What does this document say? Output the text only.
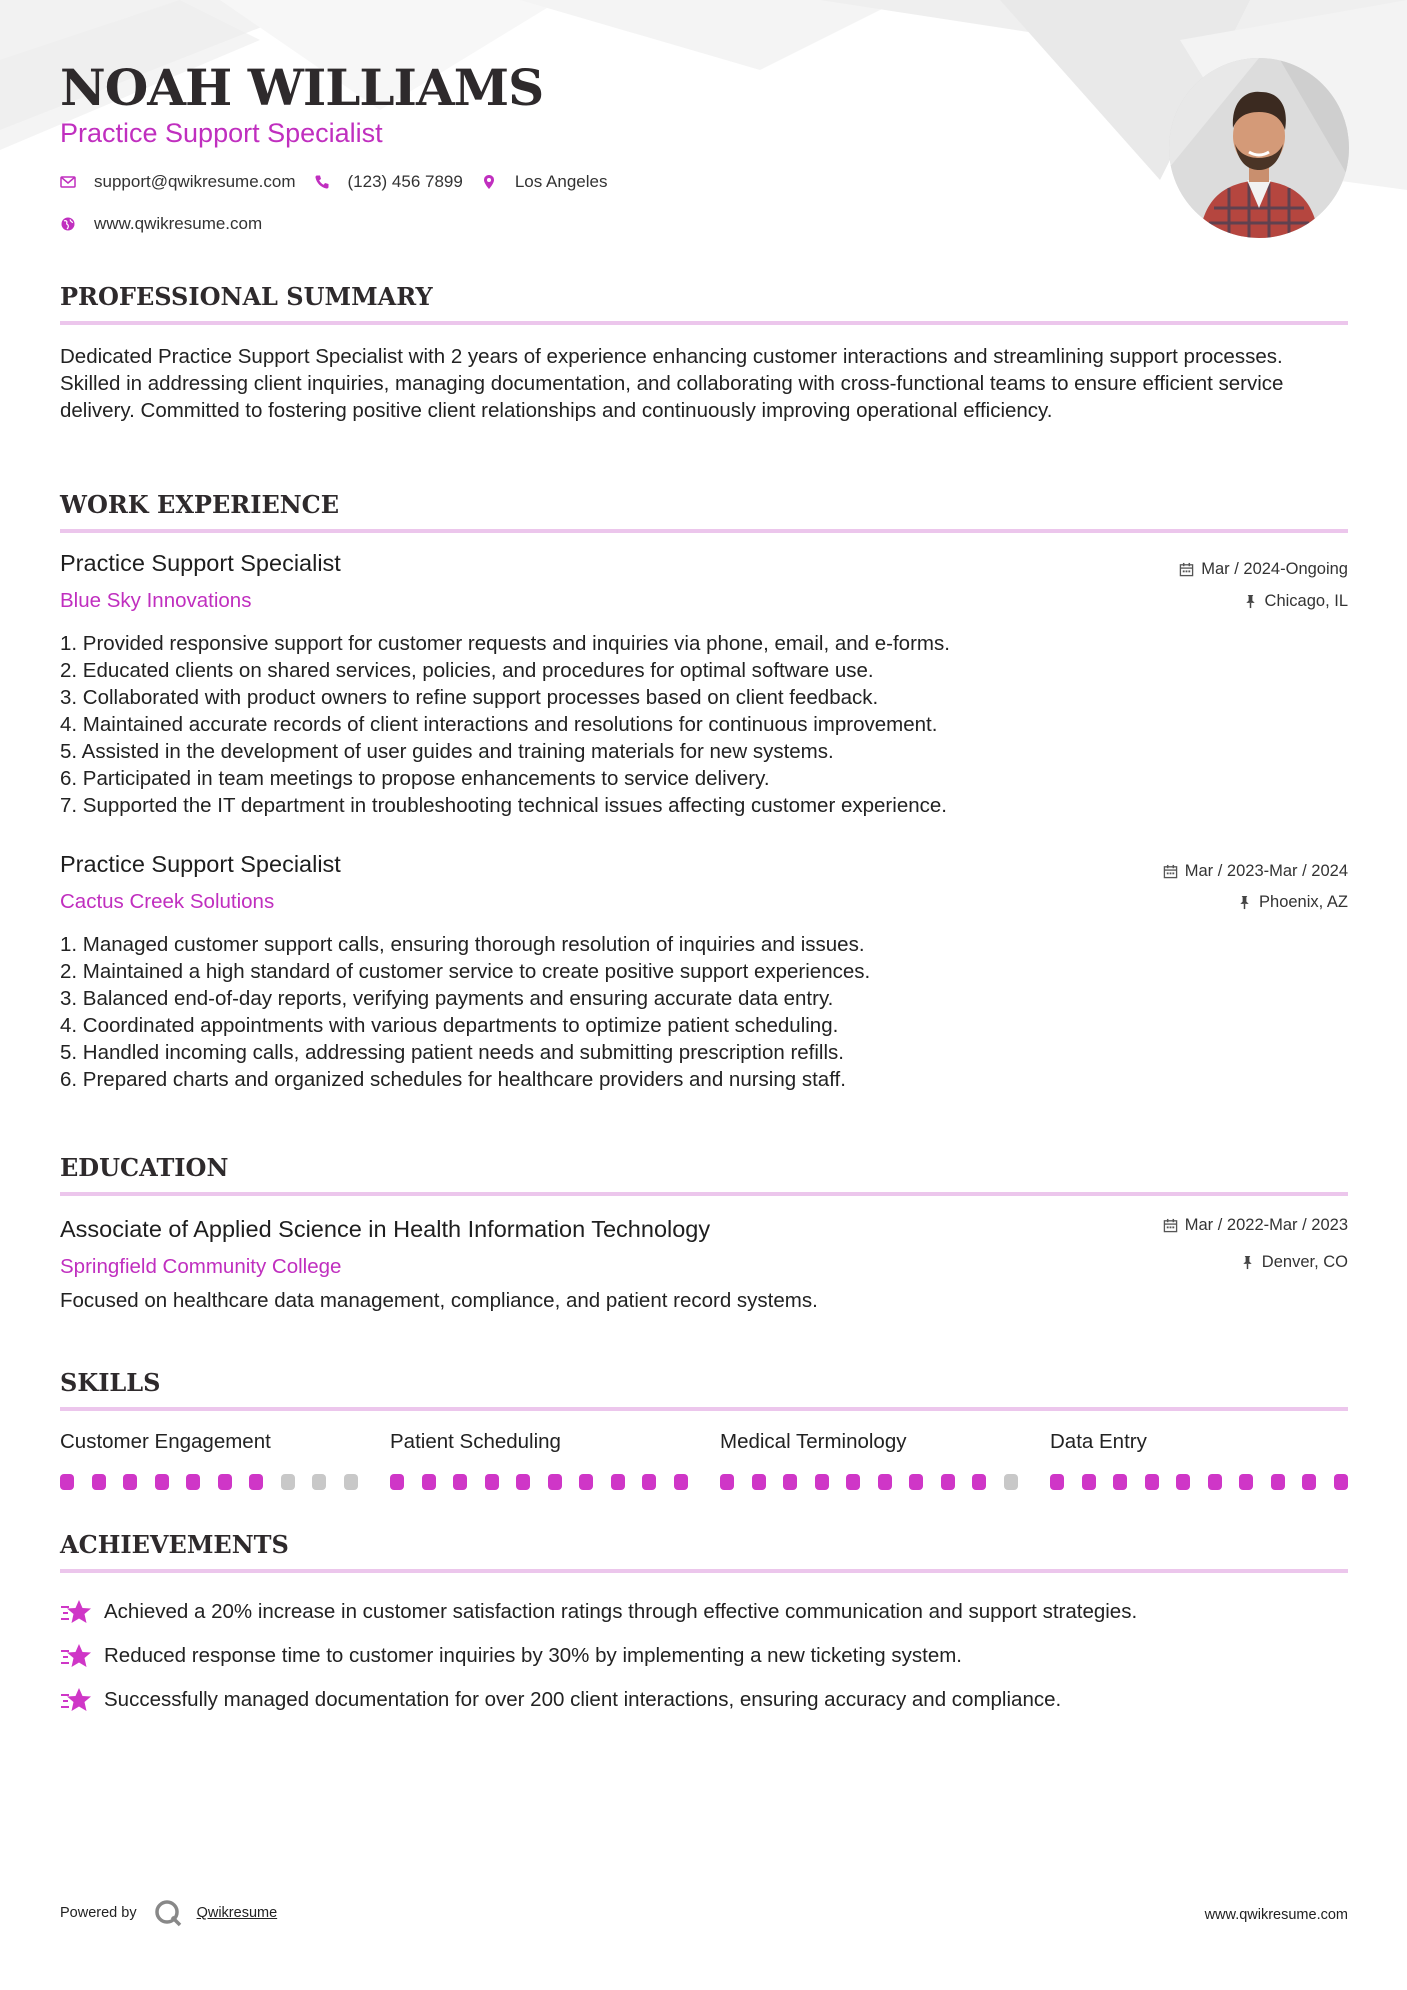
NOAH WILLIAMS
Practice Support Specialist
support@qwikresume.com	(123) 456 7899	Los Angeles
www.qwikresume.com
PROFESSIONAL SUMMARY

Dedicated Practice Support Specialist with 2 years of experience enhancing customer interactions and streamlining support processes. Skilled in addressing client inquiries, managing documentation, and collaborating with cross-functional teams to ensure efficient service delivery. Committed to fostering positive client relationships and continuously improving operational efficiency.

WORK EXPERIENCE
Practice Support Specialist
Blue Sky Innovations
Mar / 2024-Ongoing
Chicago, IL
1. Provided responsive support for customer requests and inquiries via phone, email, and e-forms.
2. Educated clients on shared services, policies, and procedures for optimal software use.
3. Collaborated with product owners to refine support processes based on client feedback.
4. Maintained accurate records of client interactions and resolutions for continuous improvement.
5. Assisted in the development of user guides and training materials for new systems.
6. Participated in team meetings to propose enhancements to service delivery.
7. Supported the IT department in troubleshooting technical issues affecting customer experience.
Practice Support Specialist
Cactus Creek Solutions
Mar / 2023-Mar / 2024
Phoenix, AZ
1. Managed customer support calls, ensuring thorough resolution of inquiries and issues.
2. Maintained a high standard of customer service to create positive support experiences.
3. Balanced end-of-day reports, verifying payments and ensuring accurate data entry.
4. Coordinated appointments with various departments to optimize patient scheduling.
5. Handled incoming calls, addressing patient needs and submitting prescription refills.
6. Prepared charts and organized schedules for healthcare providers and nursing staff.
EDUCATION
Associate of Applied Science in Health Information Technology
Springfield Community College
Mar / 2022-Mar / 2023
Denver, CO

Focused on healthcare data management, compliance, and patient record systems.

SKILLS
Customer Engagement	Patient Scheduling	Medical Terminology	Data Entry
ACHIEVEMENTS
Achieved a 20% increase in customer satisfaction ratings through effective communication and support strategies.
Reduced response time to customer inquiries by 30% by implementing a new ticketing system.
Successfully managed documentation for over 200 client interactions, ensuring accuracy and compliance.
Powered by	Qwikresume	www.qwikresume.com
